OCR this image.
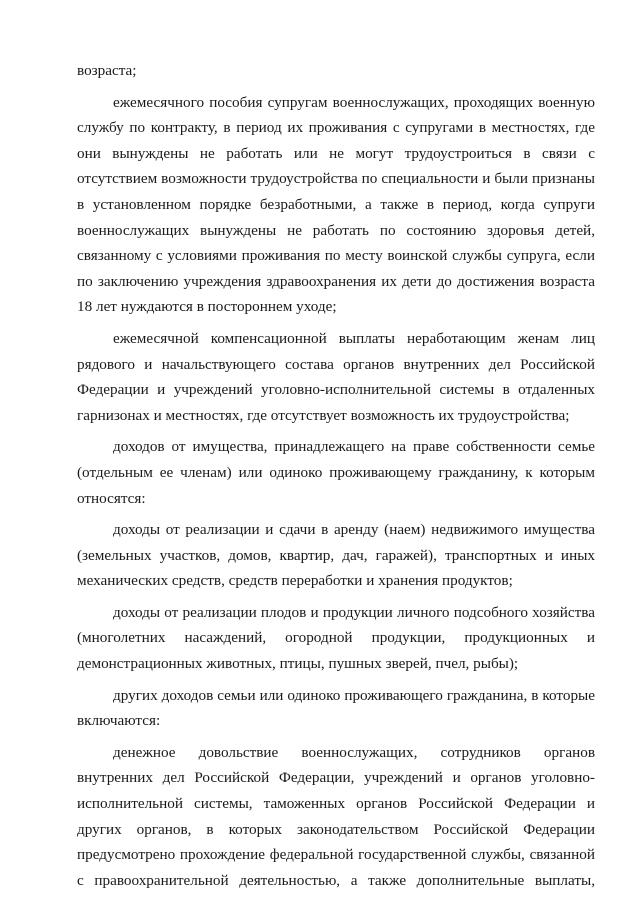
возраста;

ежемесячного пособия супругам военнослужащих, проходящих военную службу по контракту, в период их проживания с супругами в местностях, где они вынуждены не работать или не могут трудоустроиться в связи с отсутствием возможности трудоустройства по специальности и были признаны в установленном порядке безработными, а также в период, когда супруги военнослужащих вынуждены не работать по состоянию здоровья детей, связанному с условиями проживания по месту воинской службы супруга, если по заключению учреждения здравоохранения их дети до достижения возраста 18 лет нуждаются в постороннем уходе;

ежемесячной компенсационной выплаты неработающим женам лиц рядового и начальствующего состава органов внутренних дел Российской Федерации и учреждений уголовно-исполнительной системы в отдаленных гарнизонах и местностях, где отсутствует возможность их трудоустройства;

доходов от имущества, принадлежащего на праве собственности семье (отдельным ее членам) или одиноко проживающему гражданину, к которым относятся:

доходы от реализации и сдачи в аренду (наем) недвижимого имущества (земельных участков, домов, квартир, дач, гаражей), транспортных и иных механических средств, средств переработки и хранения продуктов;

доходы от реализации плодов и продукции личного подсобного хозяйства (многолетних насаждений, огородной продукции, продукционных и демонстрационных животных, птицы, пушных зверей, пчел, рыбы);

других доходов семьи или одиноко проживающего гражданина, в которые включаются:

денежное довольствие военнослужащих, сотрудников органов внутренних дел Российской Федерации, учреждений и органов уголовно-исполнительной системы, таможенных органов Российской Федерации и других органов, в которых законодательством Российской Федерации предусмотрено прохождение федеральной государственной службы, связанной с правоохранительной деятельностью, а также дополнительные выплаты,
